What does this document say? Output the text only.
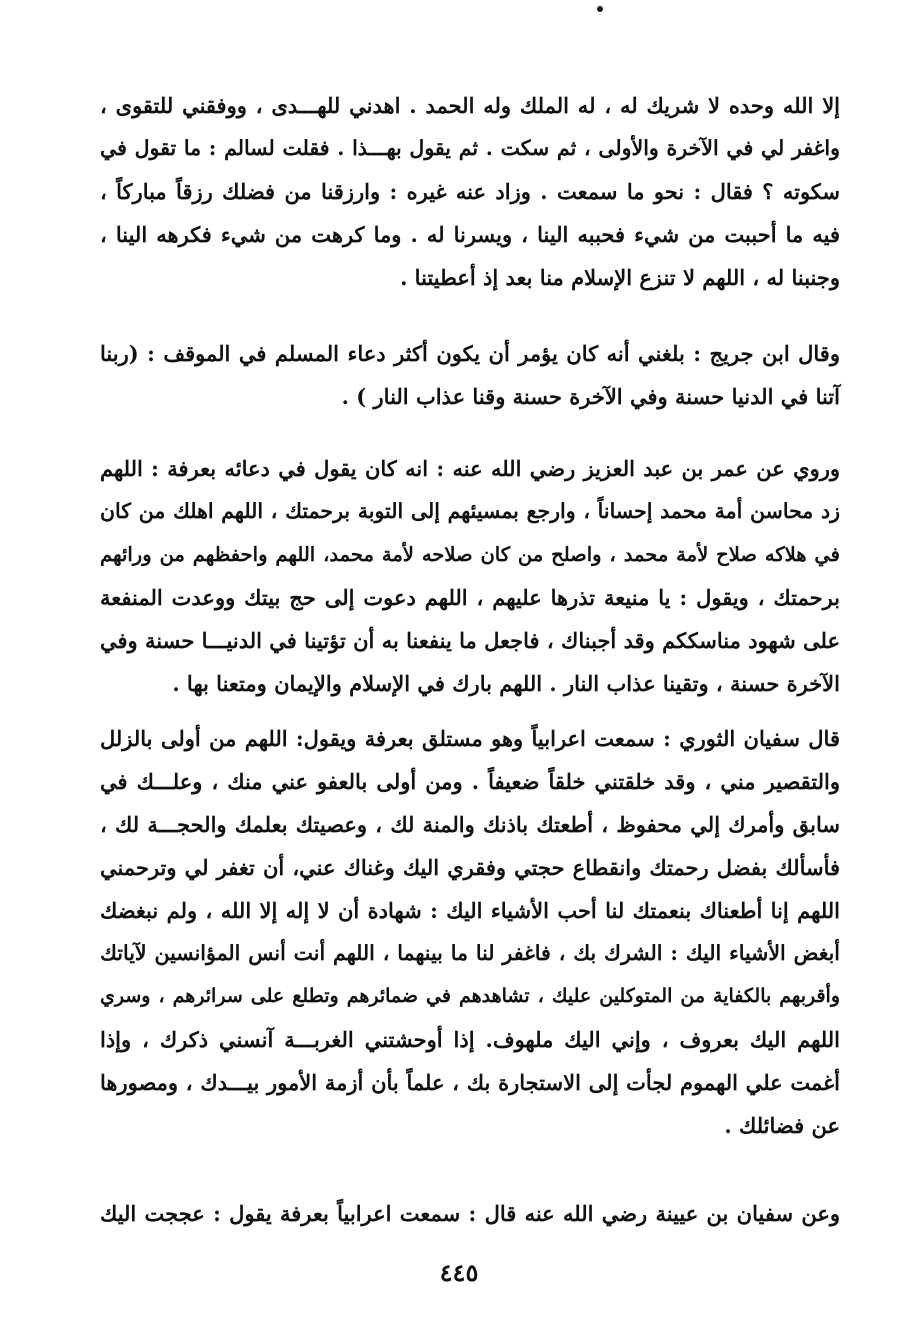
إلا الله وحده لا شريك له ، له الملك وله الحمد . اهدني للهـــدى ، ووفقني للتقوى ،
واغفر لي في الآخرة والأولى ، ثم سكت . ثم يقول بهـــذا . فقلت لسالم : ما تقول في
سكوته ؟ فقال : نحو ما سمعت . وزاد عنه غيره : وارزقنا من فضلك رزقاً مباركاً ،
فيه ما أحببت من شيء فحببه الينا ، ويسرنا له . وما كرهت من شيء فكرهه الينا ،
وجنبنا له ، اللهم لا تنزع الإسلام منا بعد إذ أعطيتنا .
وقال ابن جريج : بلغني أنه كان يؤمر أن يكون أكثر دعاء المسلم في الموقف : (ربنا
آتنا في الدنيا حسنة وفي الآخرة حسنة وقنا عذاب النار ) .
وروي عن عمر بن عبد العزيز رضي الله عنه : انه كان يقول في دعائه بعرفة : اللهم
زد محاسن أمة محمد إحساناً ، وارجع بمسيئهم إلى التوبة برحمتك ، اللهم اهلك من كان
في هلاكه صلاح لأمة محمد ، واصلح من كان صلاحه لأمة محمد، اللهم واحفظهم من ورائهم
برحمتك ، ويقول : يا منيعة تذرها عليهم ، اللهم دعوت إلى حج بيتك ووعدت المنفعة
على شهود مناسككم وقد أجبناك ، فاجعل ما ينفعنا به أن تؤتينا في الدنيـــا حسنة وفي
الآخرة حسنة ، وتقينا عذاب النار . اللهم بارك في الإسلام والإيمان ومتعنا بها .
قال سفيان الثوري : سمعت اعرابياً وهو مستلق بعرفة ويقول: اللهم من أولى بالزلل
والتقصير مني ، وقد خلقتني خلقاً ضعيفاً . ومن أولى بالعفو عني منك ، وعلـــك في
سابق وأمرك إلي محفوظ ، أطعتك باذنك والمنة لك ، وعصيتك بعلمك والحجـــة لك ،
فأسألك بفضل رحمتك وانقطاع حجتي وفقري اليك وغناك عني، أن تغفر لي وترحمني
اللهم إنا أطعناك بنعمتك لنا أحب الأشياء اليك : شهادة أن لا إله إلا الله ، ولم نبغضك
أبغض الأشياء اليك : الشرك بك ، فاغفر لنا ما بينهما ، اللهم أنت أنس المؤانسين لآياتك
وأقربهم بالكفاية من المتوكلين عليك ، تشاهدهم في ضمائرهم وتطلع على سرائرهم ، وسري
اللهم اليك بعروف ، وإني اليك ملهوف. إذا أوحشتني الغربـــة آنسني ذكرك ، وإذا
أغمت علي الهموم لجأت إلى الاستجارة بك ، علماً بأن أزمة الأمور بيـــدك ، ومصورها
عن فضائلك .
وعن سفيان بن عيينة رضي الله عنه قال : سمعت اعرابياً بعرفة يقول : عججت اليك
٤٤٥
